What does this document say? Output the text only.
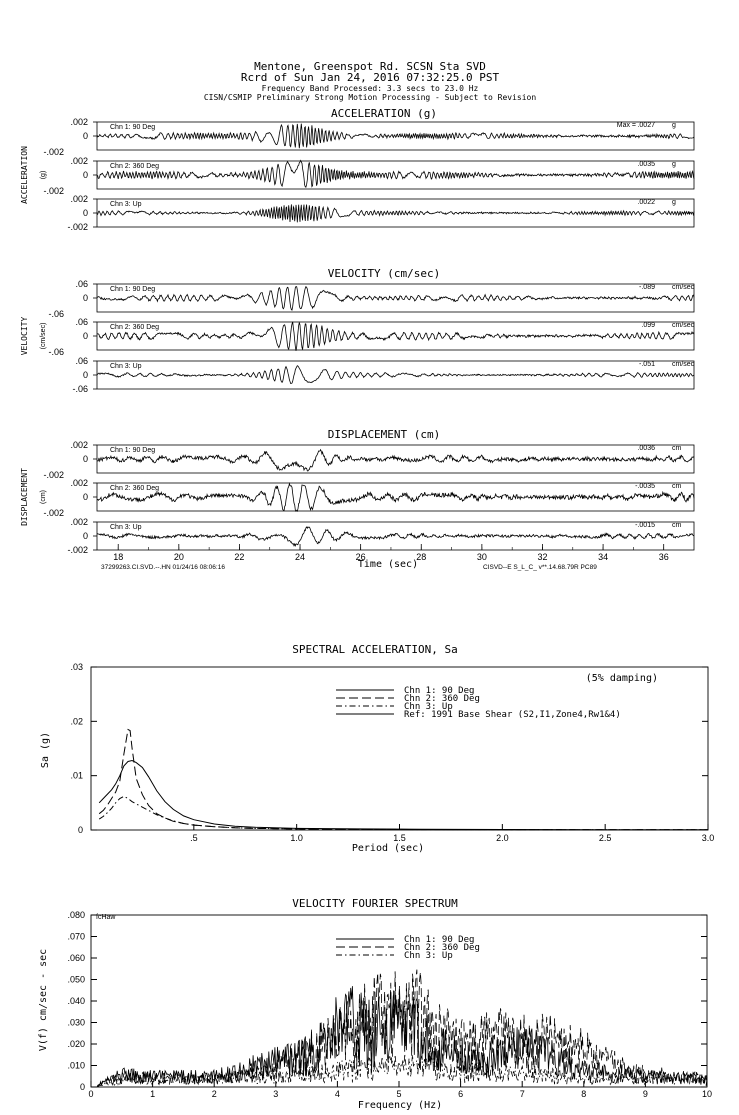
Mentone, Greenspot Rd. SCSN Sta SVD
Rcrd of Sun Jan 24, 2016 07:32:25.0 PST
Frequency Band Processed: 3.3 secs to 23.0 Hz
CISN/CSMIP Preliminary Strong Motion Processing - Subject to Revision
ACCELERATION (g)
ACCELERATION (g)
.002
0
-.002
Chn 1: 90 Deg	Max = .0027 g
.002
0
-.002
Chn 2: 360 Deg	.0035 g
.002
0
-.002
Chn 3: Up	.0022 g
VELOCITY (cm/sec)
VELOCITY (cm/sec)
.06
0
-.06
Chn 1: 90 Deg	-.089 cm/sec
.06
0
-.06
Chn 2: 360 Deg	.099 cm/sec
.06
0
-.06
Chn 3: Up	-.051 cm/sec
DISPLACEMENT (cm)
DISPLACEMENT (cm)
.002
0
-.002
Chn 1: 90 Deg	.0036 cm
.002
0
-.002
Chn 2: 360 Deg	-.0035 cm
.002
0
-.002
Chn 3: Up	-.0015 cm
18	20	22	24	26	28	30	32	34	36
Time (sec)
37299263.CI.SVD.--.HN 01/24/16 08:06:16	CISVD--E S_L_C_ v**.14.68.79R PC89
SPECTRAL ACCELERATION, Sa
.03
.02
.01
0
.5	1.0	1.5	2.0	2.5	3.0
Chn 1: 90 Deg
Chn 2: 360 Deg
Chn 3: Up
Ref: 1991 Base Shear (S2,I1,Zone4,Rw1&4)
Period (sec)
Sa (g)
(5% damping)
VELOCITY FOURIER SPECTRUM
.080
.070
.060
.050
.040
.030
.020
.010
0
0	1	2	3	4	5	6	7	8	9	10
Chn 1: 90 Deg
Chn 2: 360 Deg
Chn 3: Up
Frequency (Hz)
V(f) cm/sec - sec
fcHaw
